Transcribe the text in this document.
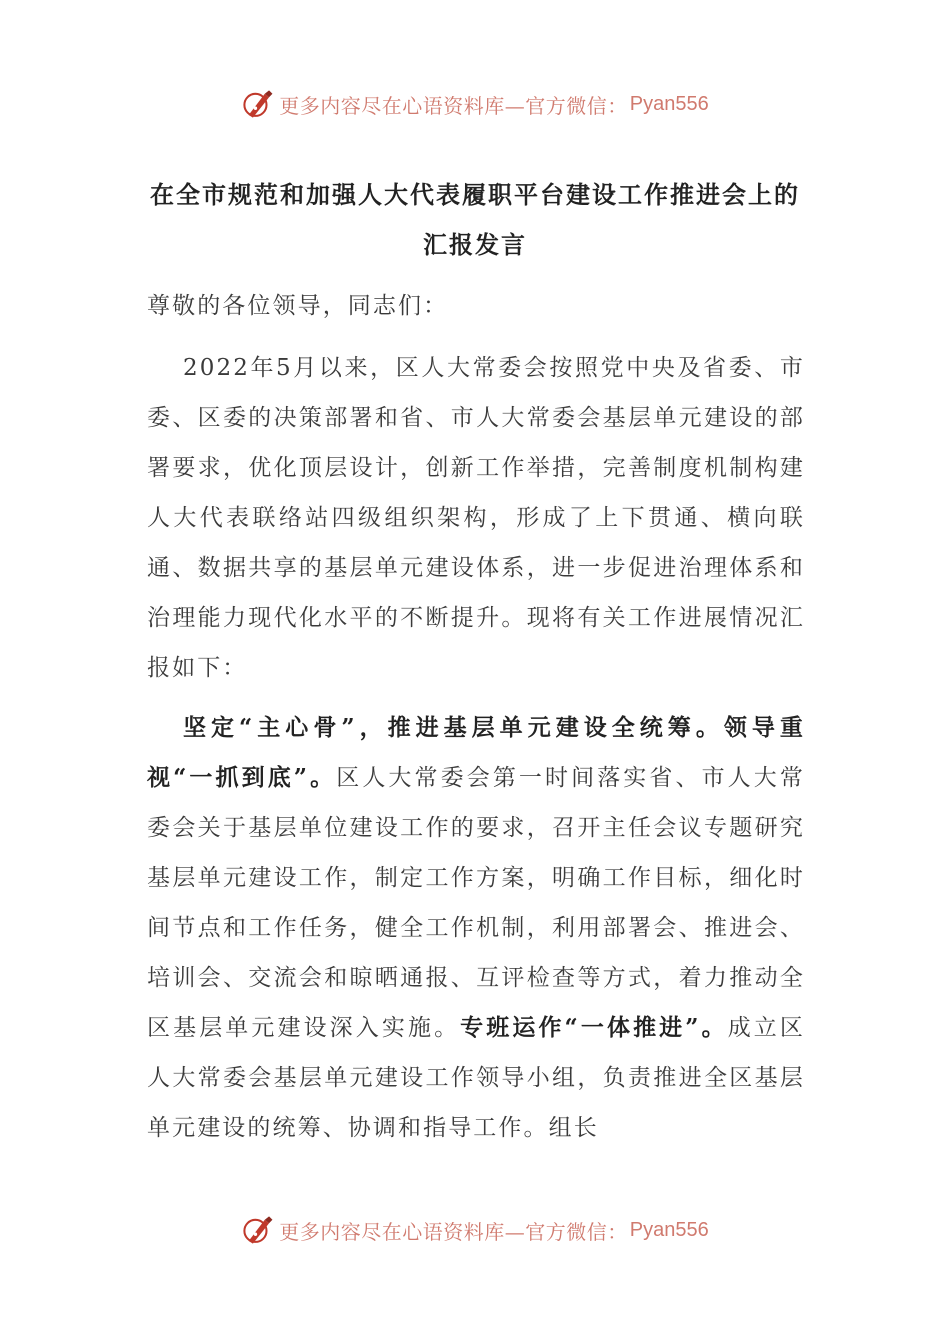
更多内容尽在心语资料库—官方微信： Pyan556
在全市规范和加强人大代表履职平台建设工作推进会上的
汇报发言

尊敬的各位领导，同志们：

2022年5月以来，区人大常委会按照党中央及省委、市委、区委的决策部署和省、市人大常委会基层单元建设的部署要求，优化顶层设计，创新工作举措，完善制度机制构建人大代表联络站四级组织架构，形成了上下贯通、横向联通、数据共享的基层单元建设体系，进一步促进治理体系和治理能力现代化水平的不断提升。现将有关工作进展情况汇报如下：

坚定“主心骨”，推进基层单元建设全统筹。领导重视“一抓到底”。区人大常委会第一时间落实省、市人大常委会关于基层单位建设工作的要求，召开主任会议专题研究基层单元建设工作，制定工作方案，明确工作目标，细化时间节点和工作任务，健全工作机制，利用部署会、推进会、培训会、交流会和晾晒通报、互评检查等方式，着力推动全区基层单元建设深入实施。专班运作“一体推进”。成立区人大常委会基层单元建设工作领导小组，负责推进全区基层单元建设的统筹、协调和指导工作。组长

更多内容尽在心语资料库—官方微信： Pyan556
